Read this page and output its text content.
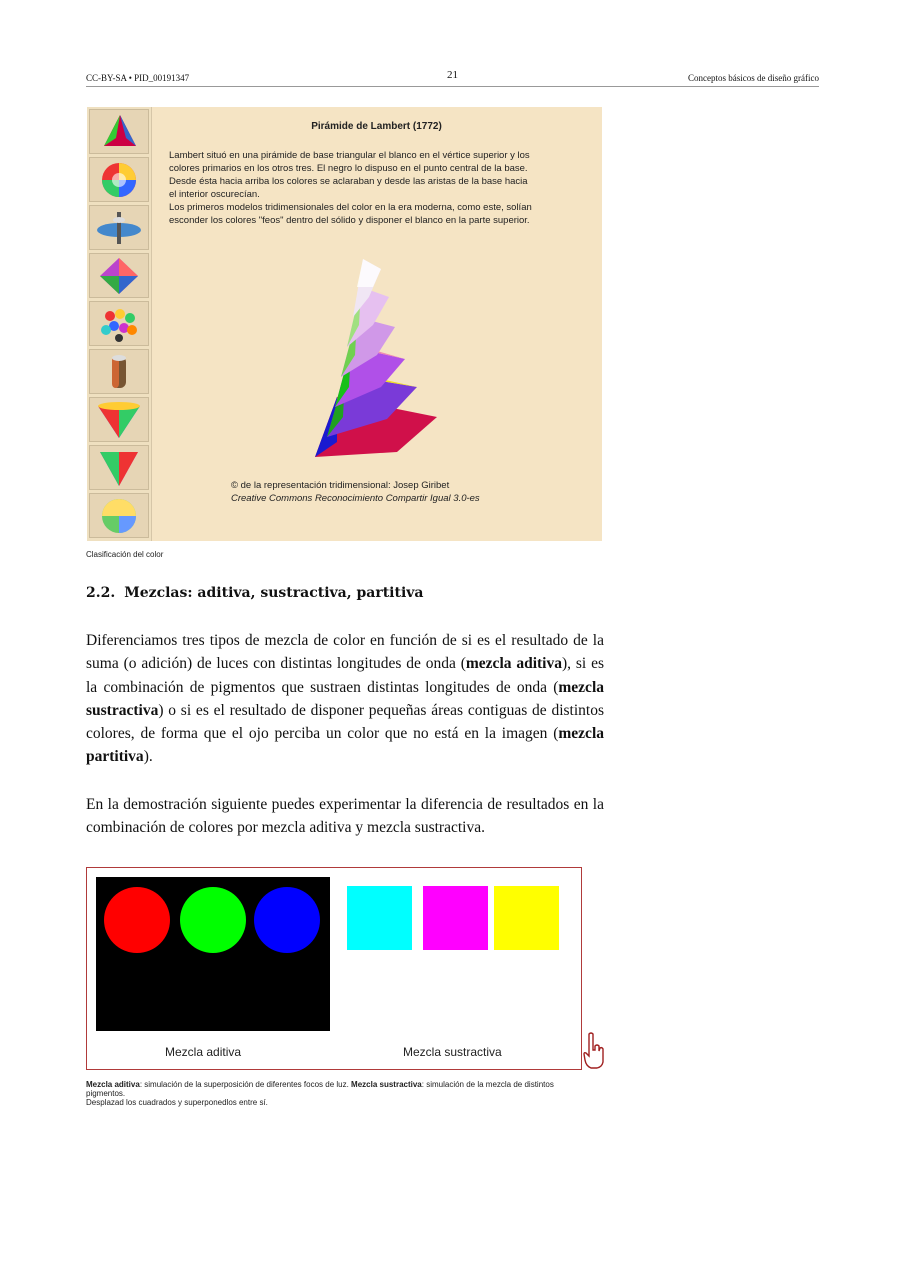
CC-BY-SA • PID_00191347	21	Conceptos básicos de diseño gráfico
Pirámide de Lambert (1772)

Lambert situó en una pirámide de base triangular el blanco en el vértice superior y los

colores primarios en los otros tres. El negro lo dispuso en el punto central de la base.

Desde ésta hacia arriba los colores se aclaraban y desde las aristas de la base hacia

el interior oscurecían.

Los primeros modelos tridimensionales del color en la era moderna, como este, solían

esconder los colores "feos" dentro del sólido y disponer el blanco en la parte superior.

© de la representación tridimensional: Josep Giribet
Creative Commons Reconocimiento Compartir Igual 3.0-es
Clasificación del color
2.2. Mezclas: aditiva, sustractiva, partitiva
Diferenciamos tres tipos de mezcla de color en función de si es el resultado de la suma (o adición) de luces con distintas longitudes de onda (mezcla aditiva), si es la combinación de pigmentos que sustraen distintas longitudes de onda (mezcla sustractiva) o si es el resultado de disponer pequeñas áreas contiguas de distintos colores, de forma que el ojo perciba un color que no está en la imagen (mezcla partitiva).
En la demostración siguiente puedes experimentar la diferencia de resultados en la combinación de colores por mezcla aditiva y mezcla sustractiva.
Mezcla aditiva	Mezcla sustractiva
Mezcla aditiva: simulación de la superposición de diferentes focos de luz. Mezcla sustractiva: simulación de la mezcla de distintos pigmentos.
Desplazad los cuadrados y superponedlos entre sí.
